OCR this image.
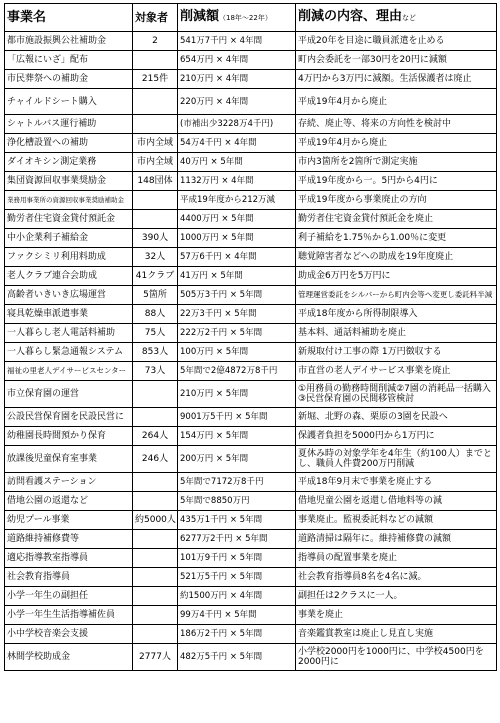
事業名	対象者	削減額（18年～22年）	削減の内容、理由など
都市施設振興公社補助金	2	541万7千円 × 4年間	平成20年を目途に職員派遣を止める
「広報にいざ」配布		654万円 × 4年間	町内会委託を一部30円を20円に減額
市民葬祭への補助金	215件	210万円 × 4年間	4万円から3万円に減額。生活保護者は廃止
チャイルドシート購入		220万円 × 4年間	平成19年4月から廃止
シャトルバス運行補助		(市補出少3228万4千円)	存続、廃止等、将来の方向性を検討中
浄化槽設置への補助	市内全域	54万4千円 × 4年間	平成19年4月から廃止
ダイオキシン測定業務	市内全域	40万円 × 5年間	市内3箇所を2箇所で測定実施
集団資源回収事業奨励金	148団体	1132万円 × 4年間	平成19年度から一。5円から4円に
業務用事業所の資源回収事業奨励補助金		平成19年度から212万減	平成19年度から事業廃止の方向
勤労者住宅資金貸付預託金		4400万円 × 5年間	勤労者住宅資金貸付預託金を廃止
中小企業利子補給金	390人	1000万円 × 5年間	利子補給を1.75％から1.00％に変更
ファクシミリ利用料助成	32人	57万6千円 × 4年間	聴覚障害者などへの助成を19年度廃止
老人クラブ連合会助成	41クラブ	41万円 × 5年間	助成金6万円を5万円に
高齢者いきいき広場運営	5箇所	505万3千円 × 5年間	管理運営委託をシルバーから町内会等へ変更し委託料半減
寝具乾燥車派遣事業	88人	22万3千円 × 5年間	平成18年度から所得制限導入
一人暮らし老人電話料補助	75人	222万2千円 × 5年間	基本料、通話料補助を廃止
一人暮らし緊急通報システム	853人	100万円 × 5年間	新規取付け工事の際 1万円徴収する
福祉の里老人デイサービスセンター	73人	5年間で2億4872万8千円	市直営の老人デイサービス事業を廃止
市立保育園の運営		210万円 × 5年間	①用務員の勤務時間削減②7園の消耗品一括購入③民営保育園の民間移管検討
公設民営保育園を民設民営に		9001万5千円 × 5年間	新堀、北野の森、栗原の3園を民設へ
幼稚園長時間預かり保育	264人	154万円 × 5年間	保護者負担を5000円から1万円に
放課後児童保育室事業	246人	200万円 × 5年間	夏休み時の対象学年を4年生（約100人）までとし、職員人件費200万円削減
訪問看護ステーション		5年間で7172万8千円	平成18年9月末で事業を廃止する
借地公園の返還など		5年間で8850万円	借地児童公園を返還し借地料等の減
幼児プール事業	約5000人	435万1千円 × 5年間	事業廃止。監視委託料などの減額
道路維持補修費等		6277万2千円 × 5年間	道路清掃は隔年に。維持補修費の減額
適応指導教室指導員		101万9千円 × 5年間	指導員の配置事業を廃止
社会教育指導員		521万5千円 × 5年間	社会教育指導員8名を4名に減。
小学一年生の副担任		約1500万円 × 4年間	副担任は2クラスに一人。
小学一年生生活指導補佐員		99万4千円 × 5年間	事業を廃止
小中学校音楽会支援		186万2千円 × 5年間	音楽鑑賞教室は廃止し見直し実施
林間学校助成金	2777人	482万5千円 × 5年間	小学校2000円を1000円に、中学校4500円を2000円に
